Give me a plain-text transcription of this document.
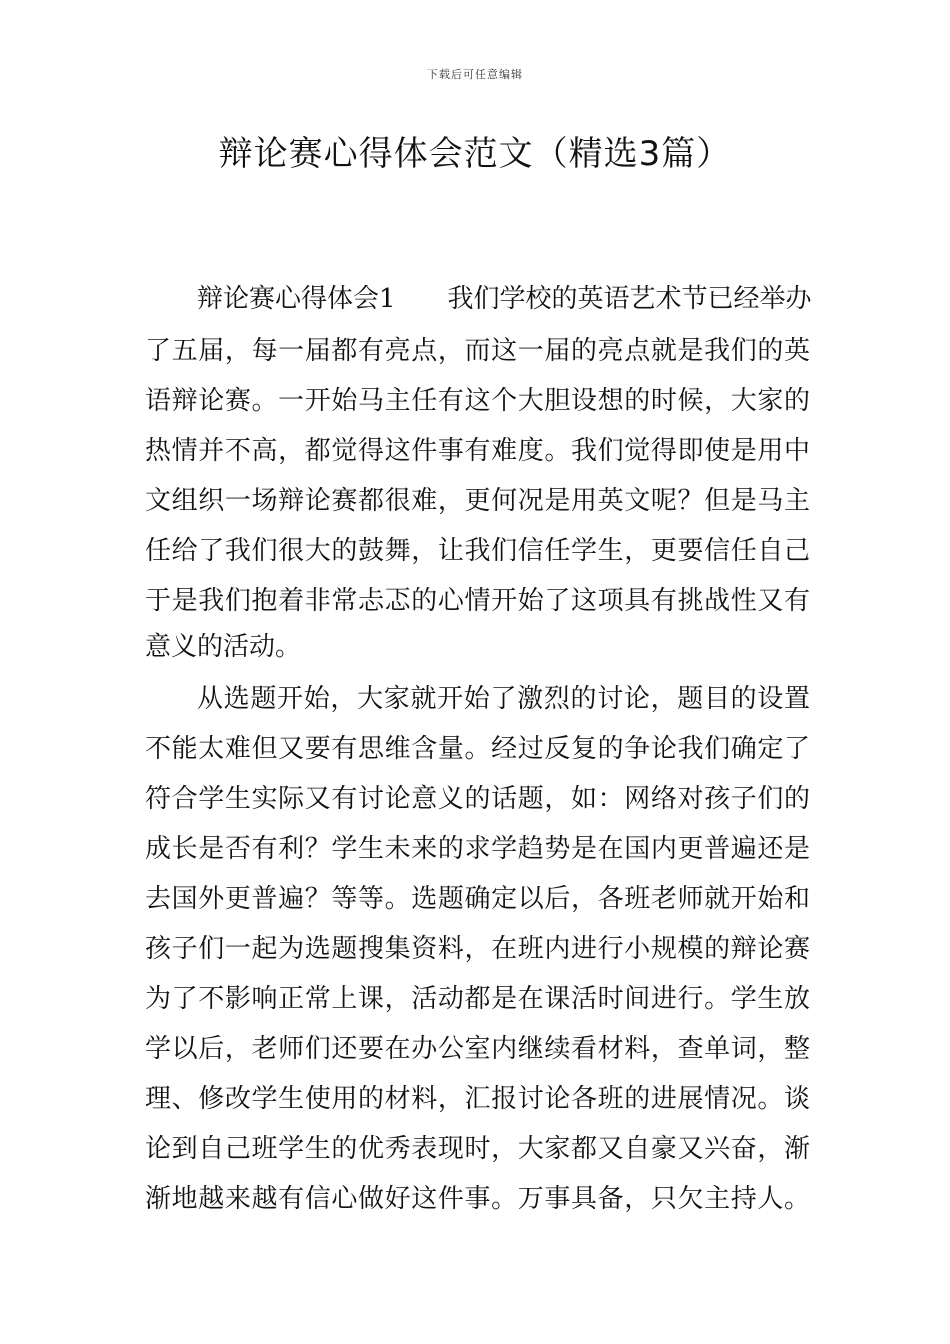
下载后可任意编辑
辩论赛心得体会范文（精选3篇）
辩论赛心得体会1　　我们学校的英语艺术节已经举办
了五届，每一届都有亮点，而这一届的亮点就是我们的英
语辩论赛。一开始马主任有这个大胆设想的时候，大家的
热情并不高，都觉得这件事有难度。我们觉得即使是用中
文组织一场辩论赛都很难，更何况是用英文呢？但是马主
任给了我们很大的鼓舞，让我们信任学生，更要信任自己
于是我们抱着非常忐忑的心情开始了这项具有挑战性又有
意义的活动。
从选题开始，大家就开始了激烈的讨论，题目的设置
不能太难但又要有思维含量。经过反复的争论我们确定了
符合学生实际又有讨论意义的话题，如：网络对孩子们的
成长是否有利？学生未来的求学趋势是在国内更普遍还是
去国外更普遍？等等。选题确定以后，各班老师就开始和
孩子们一起为选题搜集资料，在班内进行小规模的辩论赛
为了不影响正常上课，活动都是在课活时间进行。学生放
学以后，老师们还要在办公室内继续看材料，查单词，整
理、修改学生使用的材料，汇报讨论各班的进展情况。谈
论到自己班学生的优秀表现时，大家都又自豪又兴奋，渐
渐地越来越有信心做好这件事。万事具备，只欠主持人。
